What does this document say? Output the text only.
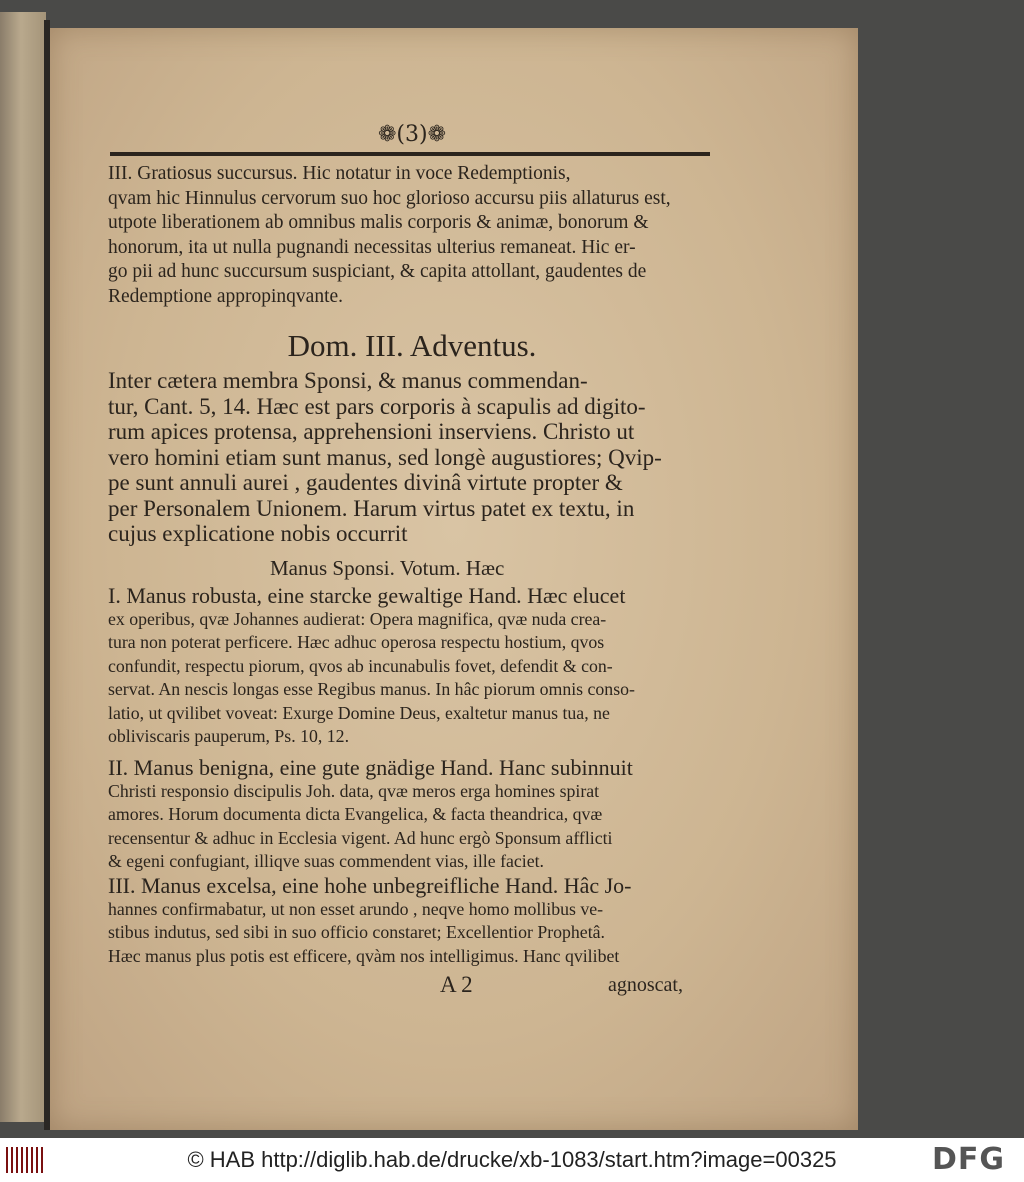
❁(3)❁
III. Gratiosus succursus. Hic notatur in voce Redemptionis,
qvam hic Hinnulus cervorum suo hoc glorioso accursu piis allaturus est,
utpote liberationem ab omnibus malis corporis & animæ, bonorum &
honorum, ita ut nulla pugnandi necessitas ulterius remaneat. Hic er-
go pii ad hunc succursum suspiciant, & capita attollant, gaudentes de
Redemptione appropinqvante.
Dom. III. Adventus.
Inter cætera membra Sponsi, & manus commendan-
tur, Cant. 5, 14. Hæc est pars corporis à scapulis ad digito-
rum apices protensa, apprehensioni inserviens. Christo ut
vero homini etiam sunt manus, sed longè augustiores; Qvip-
pe sunt annuli aurei , gaudentes divinâ virtute propter &
per Personalem Unionem. Harum virtus patet ex textu, in
cujus explicatione nobis occurrit
Manus Sponsi. Votum. Hæc
I. Manus robusta, eine starcke gewaltige Hand. Hæc elucet
ex operibus, qvæ Johannes audierat: Opera magnifica, qvæ nuda crea-
tura non poterat perficere. Hæc adhuc operosa respectu hostium, qvos
confundit, respectu piorum, qvos ab incunabulis fovet, defendit & con-
servat. An nescis longas esse Regibus manus. In hâc piorum omnis conso-
latio, ut qvilibet voveat: Exurge Domine Deus, exaltetur manus tua, ne
obliviscaris pauperum, Ps. 10, 12.
II. Manus benigna, eine gute gnädige Hand. Hanc subinnuit
Christi responsio discipulis Joh. data, qvæ meros erga homines spirat
amores. Horum documenta dicta Evangelica, & facta theandrica, qvæ
recensentur & adhuc in Ecclesia vigent. Ad hunc ergò Sponsum afflicti
& egeni confugiant, illiqve suas commendent vias, ille faciet.
III. Manus excelsa, eine hohe unbegreifliche Hand. Hâc Jo-
hannes confirmabatur, ut non esset arundo , neqve homo mollibus ve-
stibus indutus, sed sibi in suo officio constaret; Excellentior Prophetâ.
Hæc manus plus potis est efficere, qvàm nos intelligimus. Hanc qvilibet
A 2	agnoscat,
© HAB http://diglib.hab.de/drucke/xb-1083/start.htm?image=00325	DFG
